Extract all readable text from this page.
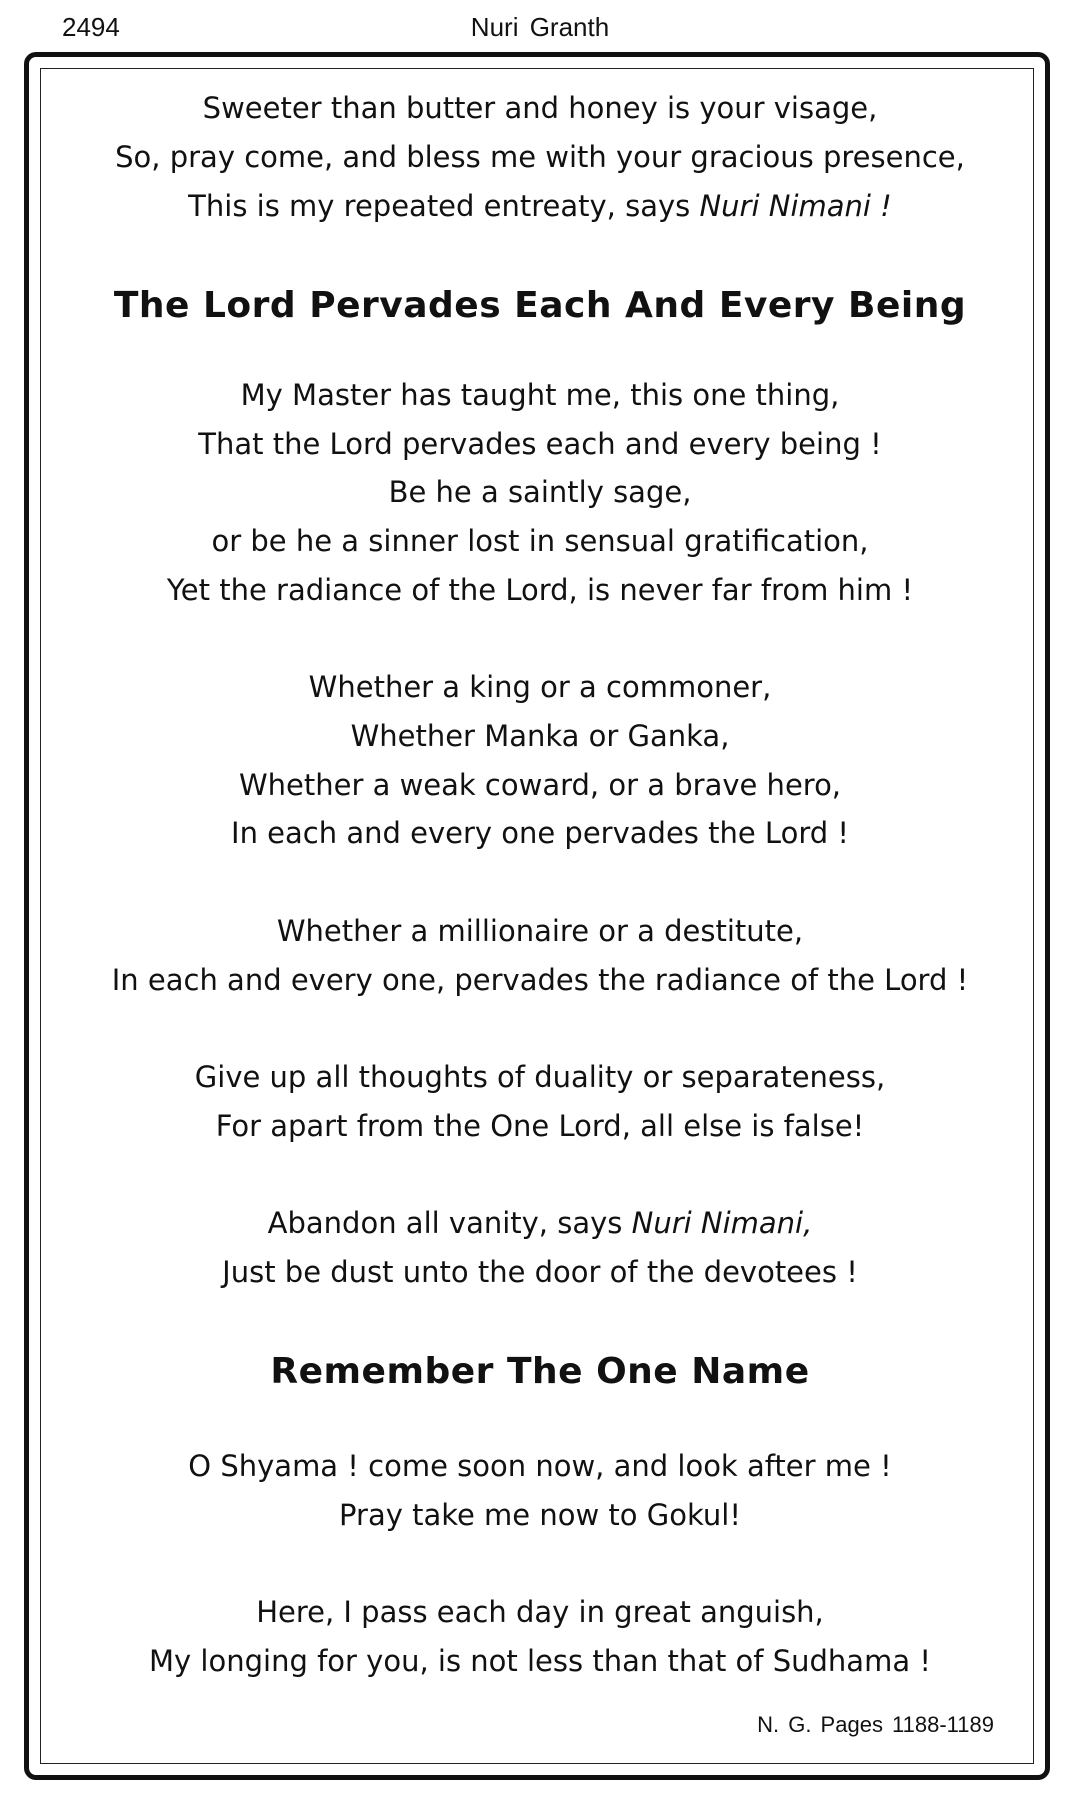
2494	Nuri Granth
Sweeter than butter and honey is your visage,
So, pray come, and bless me with your gracious presence,
This is my repeated entreaty, says Nuri Nimani !
The Lord Pervades Each And Every Being
My Master has taught me, this one thing,
That the Lord pervades each and every being !
Be he a saintly sage,
or be he a sinner lost in sensual gratification,
Yet the radiance of the Lord, is never far from him !
Whether a king or a commoner,
Whether Manka or Ganka,
Whether a weak coward, or a brave hero,
In each and every one pervades the Lord !
Whether a millionaire or a destitute,
In each and every one, pervades the radiance of the Lord !
Give up all thoughts of duality or separateness,
For apart from the One Lord, all else is false!
Abandon all vanity, says Nuri Nimani,
Just be dust unto the door of the devotees !
Remember The One Name
O Shyama ! come soon now, and look after me !
Pray take me now to Gokul!
Here, I pass each day in great anguish,
My longing for you, is not less than that of Sudhama !
N. G. Pages 1188-1189
